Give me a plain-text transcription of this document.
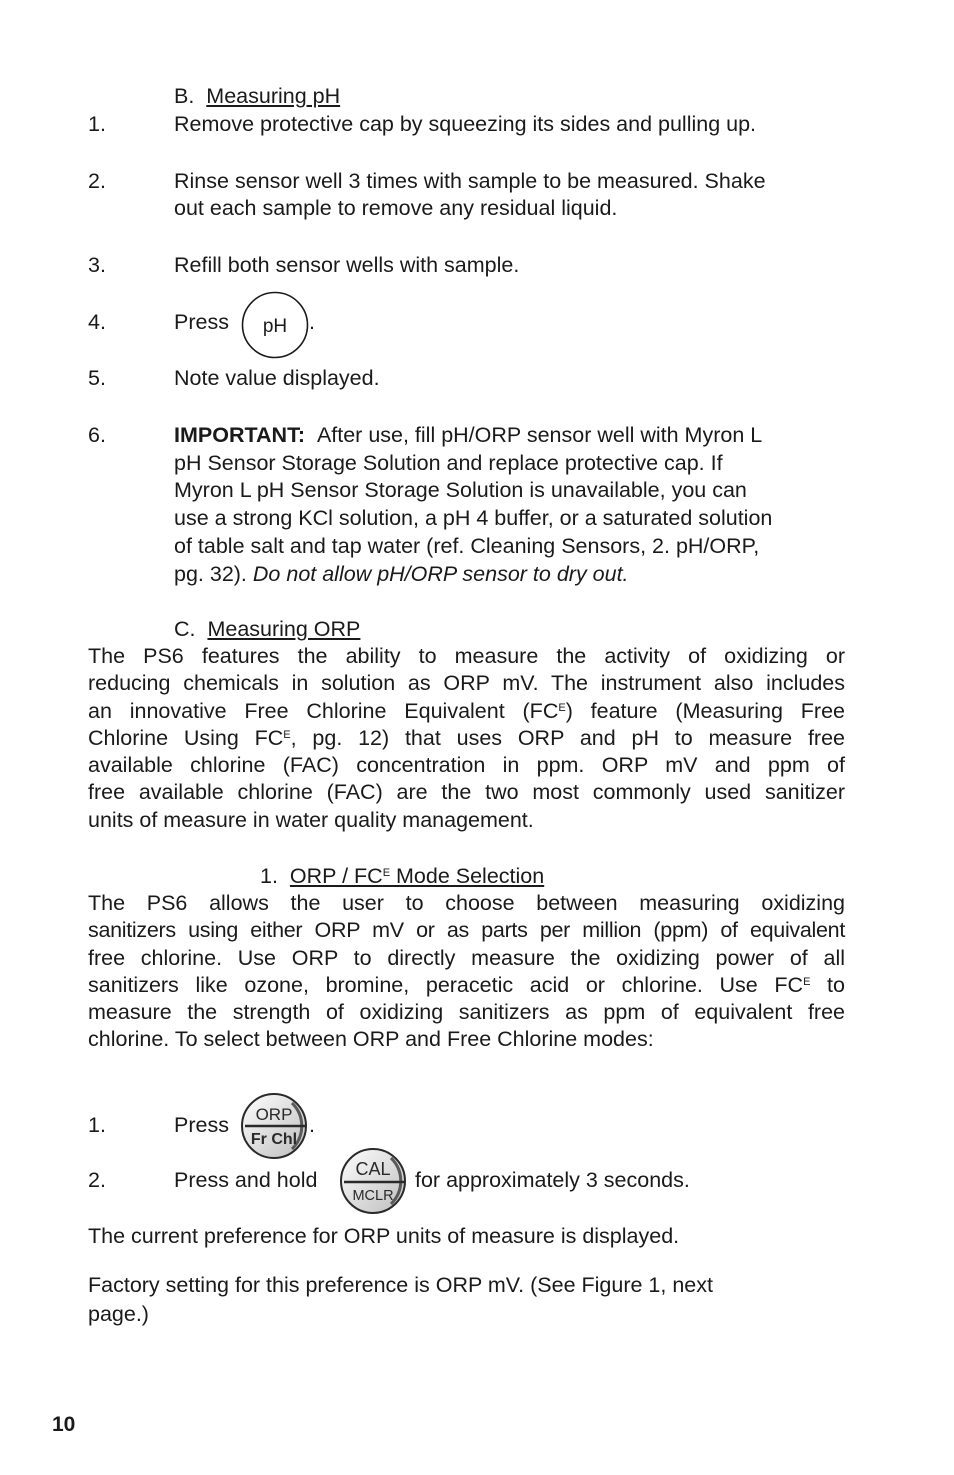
B. Measuring pH
1.	Remove protective cap by squeezing its sides and pulling up.
2.	Rinse sensor well 3 times with sample to be measured. Shake
out each sample to remove any residual liquid.
3.	Refill both sensor wells with sample.
4.	Press pH .
5.	Note value displayed.
6.	IMPORTANT: After use, fill pH/ORP sensor well with Myron L
pH Sensor Storage Solution and replace protective cap. If
Myron L pH Sensor Storage Solution is unavailable, you can
use a strong KCl solution, a pH 4 buffer, or a saturated solution
of table salt and tap water (ref. Cleaning Sensors, 2. pH/ORP,
pg. 32). Do not allow pH/ORP sensor to dry out.
C. Measuring ORP
The PS6 features the ability to measure the activity of oxidizing or
reducing chemicals in solution as ORP mV. The instrument also includes
an innovative Free Chlorine Equivalent $(FC^E)$ feature (Measuring Free
Chlorine Using $FC^E$, pg. 12) that uses ORP and pH to measure free
available chlorine (FAC) concentration in ppm. ORP mV and ppm of
free available chlorine (FAC) are the two most commonly used sanitizer
units of measure in water quality management.
1. ORP / $FC^E$ Mode Selection
The PS6 allows the user to choose between measuring oxidizing
sanitizers using either ORP mV or as parts per million (ppm) of equivalent
free chlorine. Use ORP to directly measure the oxidizing power of all
sanitizers like ozone, bromine, peracetic acid or chlorine. Use $FC^E$ to
measure the strength of oxidizing sanitizers as ppm of equivalent free
chlorine. To select between ORP and Free Chlorine modes:
1.	Press ORP
Fr Chl
.
2.	Press and hold CAL
MCLR
for approximately 3 seconds.
The current preference for ORP units of measure is displayed.
Factory setting for this preference is ORP mV. (See Figure 1, next
page.)
10
